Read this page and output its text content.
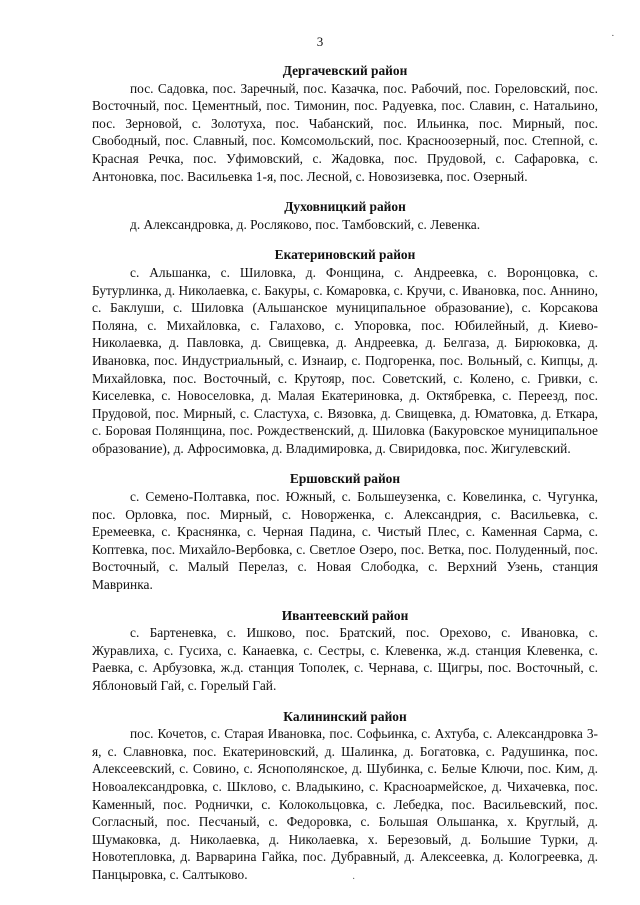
3	·

Дергачевский район

пос. Садовка, пос. Заречный, пос. Казачка, пос. Рабочий, пос. Гореловский, пос. Восточный, пос. Цементный, пос. Тимонин, пос. Радуевка, пос. Славин, с. Натальино, пос. Зерновой, с. Золотуха, пос. Чабанский, пос. Ильинка, пос. Мирный, пос. Свободный, пос. Славный, пос. Комсомольский, пос. Красноозерный, пос. Степной, с. Красная Речка, пос. Уфимовский, с. Жадовка, пос. Прудовой, с. Сафаровка, с. Антоновка, пос. Васильевка 1-я, пос. Лесной, с. Новозизевка, пос. Озерный.

Духовницкий район

д. Александровка, д. Росляково, пос. Тамбовский, с. Левенка.

Екатериновский район

с. Альшанка, с. Шиловка, д. Фонщина, с. Андреевка, с. Воронцовка, с. Бутурлинка, д. Николаевка, с. Бакуры, с. Комаровка, с. Кручи, с. Ивановка, пос. Аннино, с. Баклуши, с. Шиловка (Альшанское муниципальное образование), с. Корсакова Поляна, с. Михайловка, с. Галахово, с. Упоровка, пос. Юбилейный, д. Киево-Николаевка, д. Павловка, д. Свищевка, д. Андреевка, д. Белгаза, д. Бирюковка, д. Ивановка, пос. Индустриальный, с. Изнаир, с. Подгоренка, пос. Вольный, с. Кипцы, д. Михайловка, пос. Восточный, с. Крутояр, пос. Советский, с. Колено, с. Гривки, с. Киселевка, с. Новоселовка, д. Малая Екатериновка, д. Октябревка, с. Переезд, пос. Прудовой, пос. Мирный, с. Сластуха, с. Вязовка, д. Свищевка, д. Юматовка, д. Еткара, с. Боровая Полянщина, пос. Рождественский, д. Шиловка (Бакуровское муниципальное образование), д. Афросимовка, д. Владимировка, д. Свиридовка, пос. Жигулевский.

Ершовский район

с. Семено-Полтавка, пос. Южный, с. Большеузенка, с. Ковелинка, с. Чугунка, пос. Орловка, пос. Мирный, с. Новорженка, с. Александрия, с. Васильевка, с. Еремеевка, с. Краснянка, с. Черная Падина, с. Чистый Плес, с. Каменная Сарма, с. Коптевка, пос. Михайло-Вербовка, с. Светлое Озеро, пос. Ветка, пос. Полуденный, пос. Восточный, с. Малый Перелаз, с. Новая Слободка, с. Верхний Узень, станция Мавринка.

Ивантеевский район

с. Бартеневка, с. Ишково, пос. Братский, пос. Орехово, с. Ивановка, с. Журавлиха, с. Гусиха, с. Канаевка, с. Сестры, с. Клевенка, ж.д. станция Клевенка, с. Раевка, с. Арбузовка, ж.д. станция Тополек, с. Чернава, с. Щигры, пос. Восточный, с. Яблоновый Гай, с. Горелый Гай.

Калининский район

пос. Кочетов, с. Старая Ивановка, пос. Софьинка, с. Ахтуба, с. Александровка 3-я, с. Славновка, пос. Екатериновский, д. Шалинка, д. Богатовка, с. Радушинка, пос. Алексеевский, с. Совино, с. Яснополянское, д. Шубинка, с. Белые Ключи, пос. Ким, д. Новоалександровка, с. Шклово, с. Владыкино, с. Красноармейское, д. Чихачевка, пос. Каменный, пос. Роднички, с. Колокольцовка, с. Лебедка, пос. Васильевский, пос. Согласный, пос. Песчаный, с. Федоровка, с. Большая Ольшанка, х. Круглый, д. Шумаковка, д. Николаевка, д. Николаевка, х. Березовый, д. Большие Турки, д. Новотепловка, д. Варварина Гайка, пос. Дубравный, д. Алексеевка, д. Кологреевка, д. Панцыровка, с. Салтыково.	·
